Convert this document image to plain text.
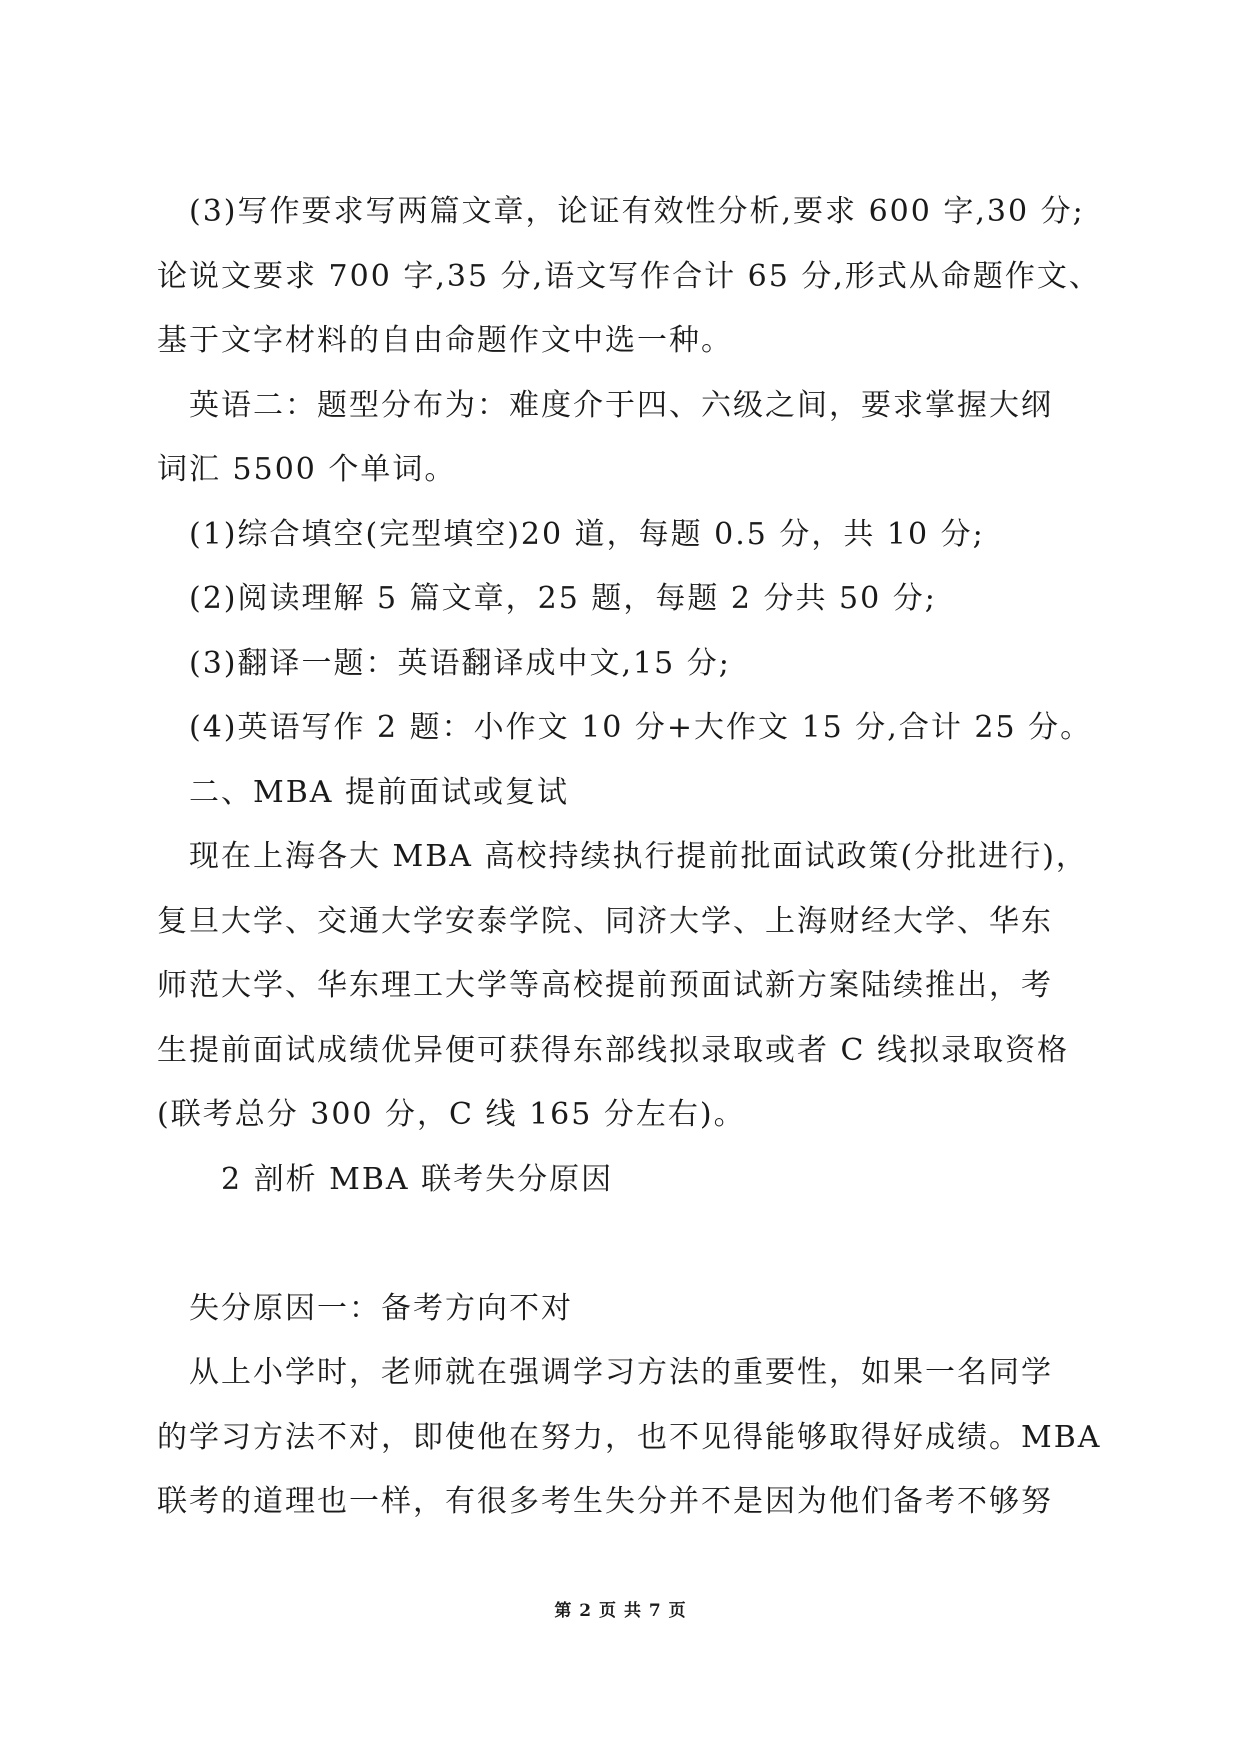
(3)写作要求写两篇文章，论证有效性分析,要求 600 字,30 分;
论说文要求 700 字,35 分,语文写作合计 65 分,形式从命题作文、
基于文字材料的自由命题作文中选一种。
英语二：题型分布为：难度介于四、六级之间，要求掌握大纲
词汇 5500 个单词。
(1)综合填空(完型填空)20 道，每题 0.5 分，共 10 分;
(2)阅读理解 5 篇文章，25 题，每题 2 分共 50 分;
(3)翻译一题：英语翻译成中文,15 分;
(4)英语写作 2 题：小作文 10 分+大作文 15 分,合计 25 分。
二、MBA 提前面试或复试
现在上海各大 MBA 高校持续执行提前批面试政策(分批进行)，
复旦大学、交通大学安泰学院、同济大学、上海财经大学、华东
师范大学、华东理工大学等高校提前预面试新方案陆续推出，考
生提前面试成绩优异便可获得东部线拟录取或者 C 线拟录取资格
(联考总分 300 分，C 线 165 分左右)。
2 剖析 MBA 联考失分原因
失分原因一：备考方向不对
从上小学时，老师就在强调学习方法的重要性，如果一名同学
的学习方法不对，即使他在努力，也不见得能够取得好成绩。MBA
联考的道理也一样，有很多考生失分并不是因为他们备考不够努
第 2 页 共 7 页
